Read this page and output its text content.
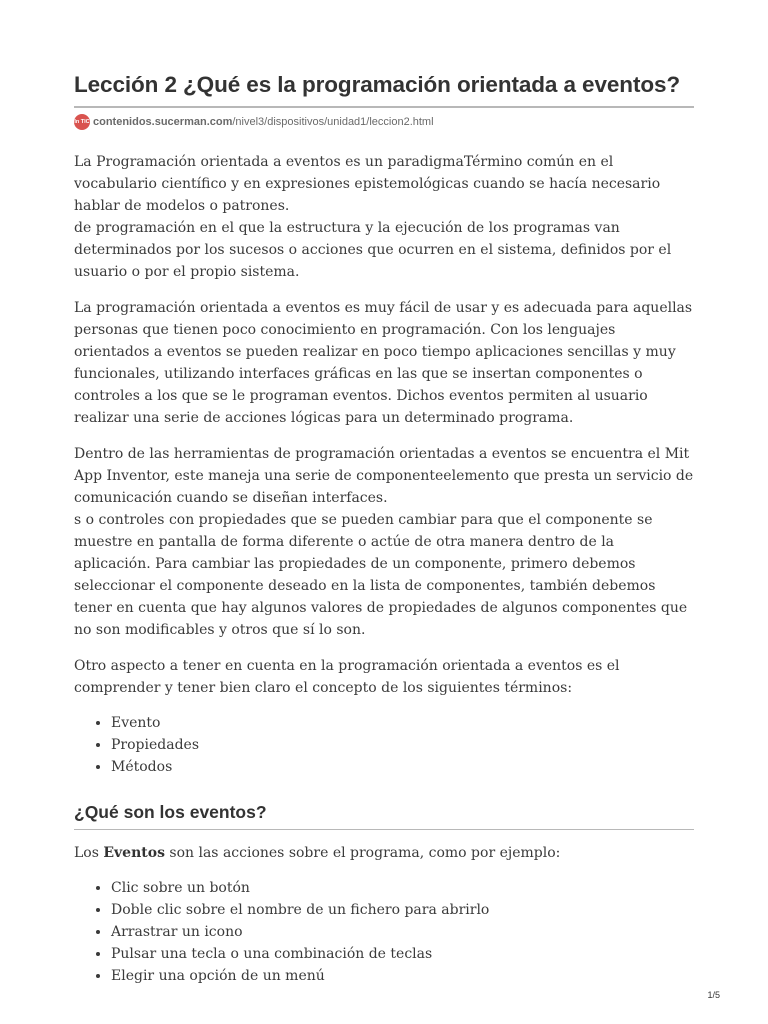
Lección 2 ¿Qué es la programación orientada a eventos?
In TIC contenidos.sucerman.com/nivel3/dispositivos/unidad1/leccion2.html

La Programación orientada a eventos es un paradigmaTérmino común en el vocabulario científico y en expresiones epistemológicas cuando se hacía necesario hablar de modelos o patrones.

de programación en el que la estructura y la ejecución de los programas van determinados por los sucesos o acciones que ocurren en el sistema, definidos por el usuario o por el propio sistema.

La programación orientada a eventos es muy fácil de usar y es adecuada para aquellas personas que tienen poco conocimiento en programación. Con los lenguajes orientados a eventos se pueden realizar en poco tiempo aplicaciones sencillas y muy funcionales, utilizando interfaces gráficas en las que se insertan componentes o controles a los que se le programan eventos. Dichos eventos permiten al usuario realizar una serie de acciones lógicas para un determinado programa.

Dentro de las herramientas de programación orientadas a eventos se encuentra el Mit App Inventor, este maneja una serie de componenteelemento que presta un servicio de comunicación cuando se diseñan interfaces.

s o controles con propiedades que se pueden cambiar para que el componente se muestre en pantalla de forma diferente o actúe de otra manera dentro de la aplicación. Para cambiar las propiedades de un componente, primero debemos seleccionar el componente deseado en la lista de componentes, también debemos tener en cuenta que hay algunos valores de propiedades de algunos componentes que no son modificables y otros que sí lo son.

Otro aspecto a tener en cuenta en la programación orientada a eventos es el comprender y tener bien claro el concepto de los siguientes términos:

• Evento
• Propiedades
• Métodos
¿Qué son los eventos?

Los Eventos son las acciones sobre el programa, como por ejemplo:

• Clic sobre un botón
• Doble clic sobre el nombre de un fichero para abrirlo
• Arrastrar un icono
• Pulsar una tecla o una combinación de teclas
• Elegir una opción de un menú
1/5
